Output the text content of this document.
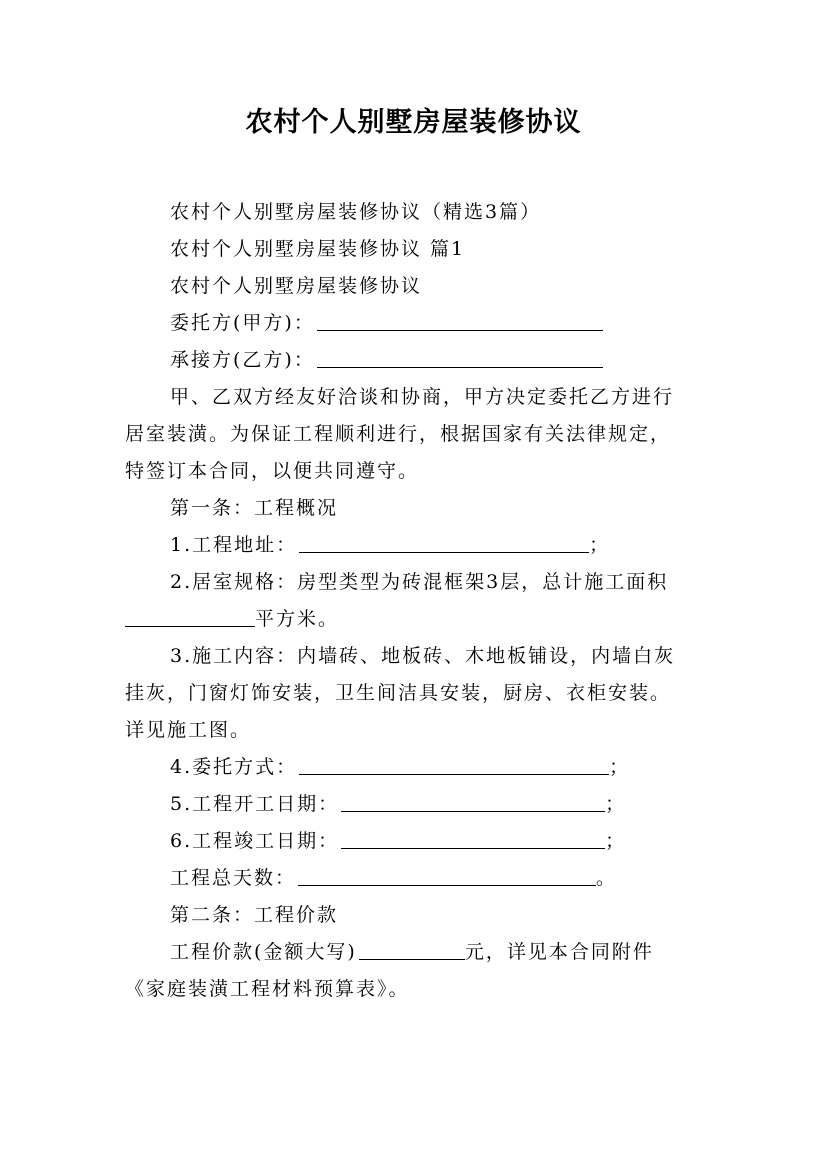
农村个人别墅房屋装修协议
农村个人别墅房屋装修协议（精选3篇）
农村个人别墅房屋装修协议 篇1
农村个人别墅房屋装修协议
委托方(甲方)：
承接方(乙方)：
甲、乙双方经友好洽谈和协商，甲方决定委托乙方进行
居室装潢。为保证工程顺利进行，根据国家有关法律规定，
特签订本合同，以便共同遵守。
第一条：工程概况
1.工程地址：	；
2.居室规格：房型类型为砖混框架3层，总计施工面积
平方米。
3.施工内容：内墙砖、地板砖、木地板铺设，内墙白灰
挂灰，门窗灯饰安装，卫生间洁具安装，厨房、衣柜安装。
详见施工图。
4.委托方式：	；
5.工程开工日期：	；
6.工程竣工日期：	；
工程总天数：	。
第二条：工程价款
工程价款(金额大写)	元，详见本合同附件
《家庭装潢工程材料预算表》。
